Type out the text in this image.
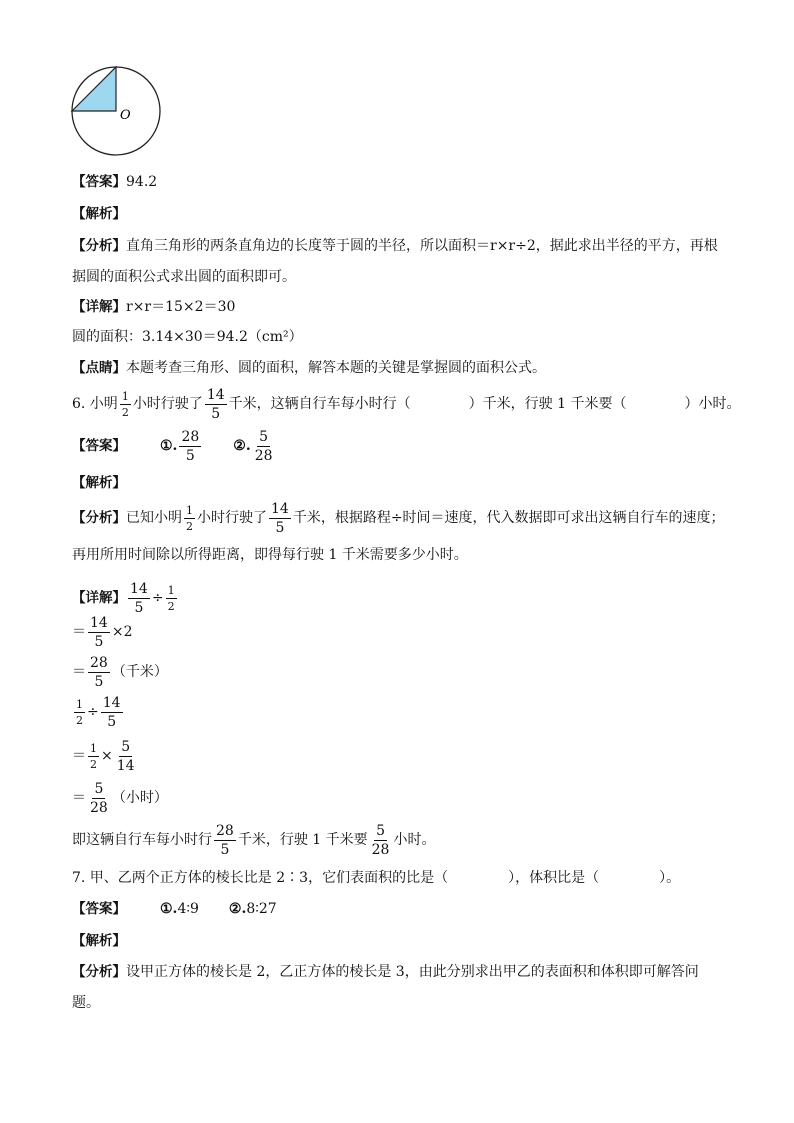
O
【答案】94.2
【解析】
【分析】直角三角形的两条直角边的长度等于圆的半径，所以面积＝r×r÷2，据此求出半径的平方，再根
据圆的面积公式求出圆的面积即可。
【详解】r×r＝15×2＝30
圆的面积：3.14×30＝94.2（cm²）
【点睛】本题考查三角形、圆的面积，解答本题的关键是掌握圆的面积公式。
6. 小明 $\frac{1}{2}$ 小时行驶了 $\frac{14}{5}$ 千米，这辆自行车每小时行（	）千米，行驶 1 千米要（	）小时。
【答案】 ①. $\frac{28}{5}$ ②. $\frac{5}{28}$
【解析】
【分析】已知小明 $\frac{1}{2}$ 小时行驶了 $\frac{14}{5}$ 千米，根据路程÷时间＝速度，代入数据即可求出这辆自行车的速度；
再用所用时间除以所得距离，即得每行驶 1 千米需要多少小时。
【详解】 $\frac{14}{5} \div \frac{1}{2}$
＝ $\frac{14}{5} \times 2$
＝ $\frac{28}{5}$ （千米）
$\frac{1}{2} \div \frac{14}{5}$
＝ $\frac{1}{2} \times \frac{5}{14}$
＝ $\frac{5}{28}$ （小时）
即这辆自行车每小时行 $\frac{28}{5}$ 千米，行驶 1 千米要 $\frac{5}{28}$ 小时。
7. 甲、乙两个正方体的棱长比是 2∶3，它们表面积的比是（	），体积比是（	）。
【答案】 ①.4∶9 ②.8∶27
【解析】
【分析】设甲正方体的棱长是 2，乙正方体的棱长是 3，由此分别求出甲乙的表面积和体积即可解答问
题。
